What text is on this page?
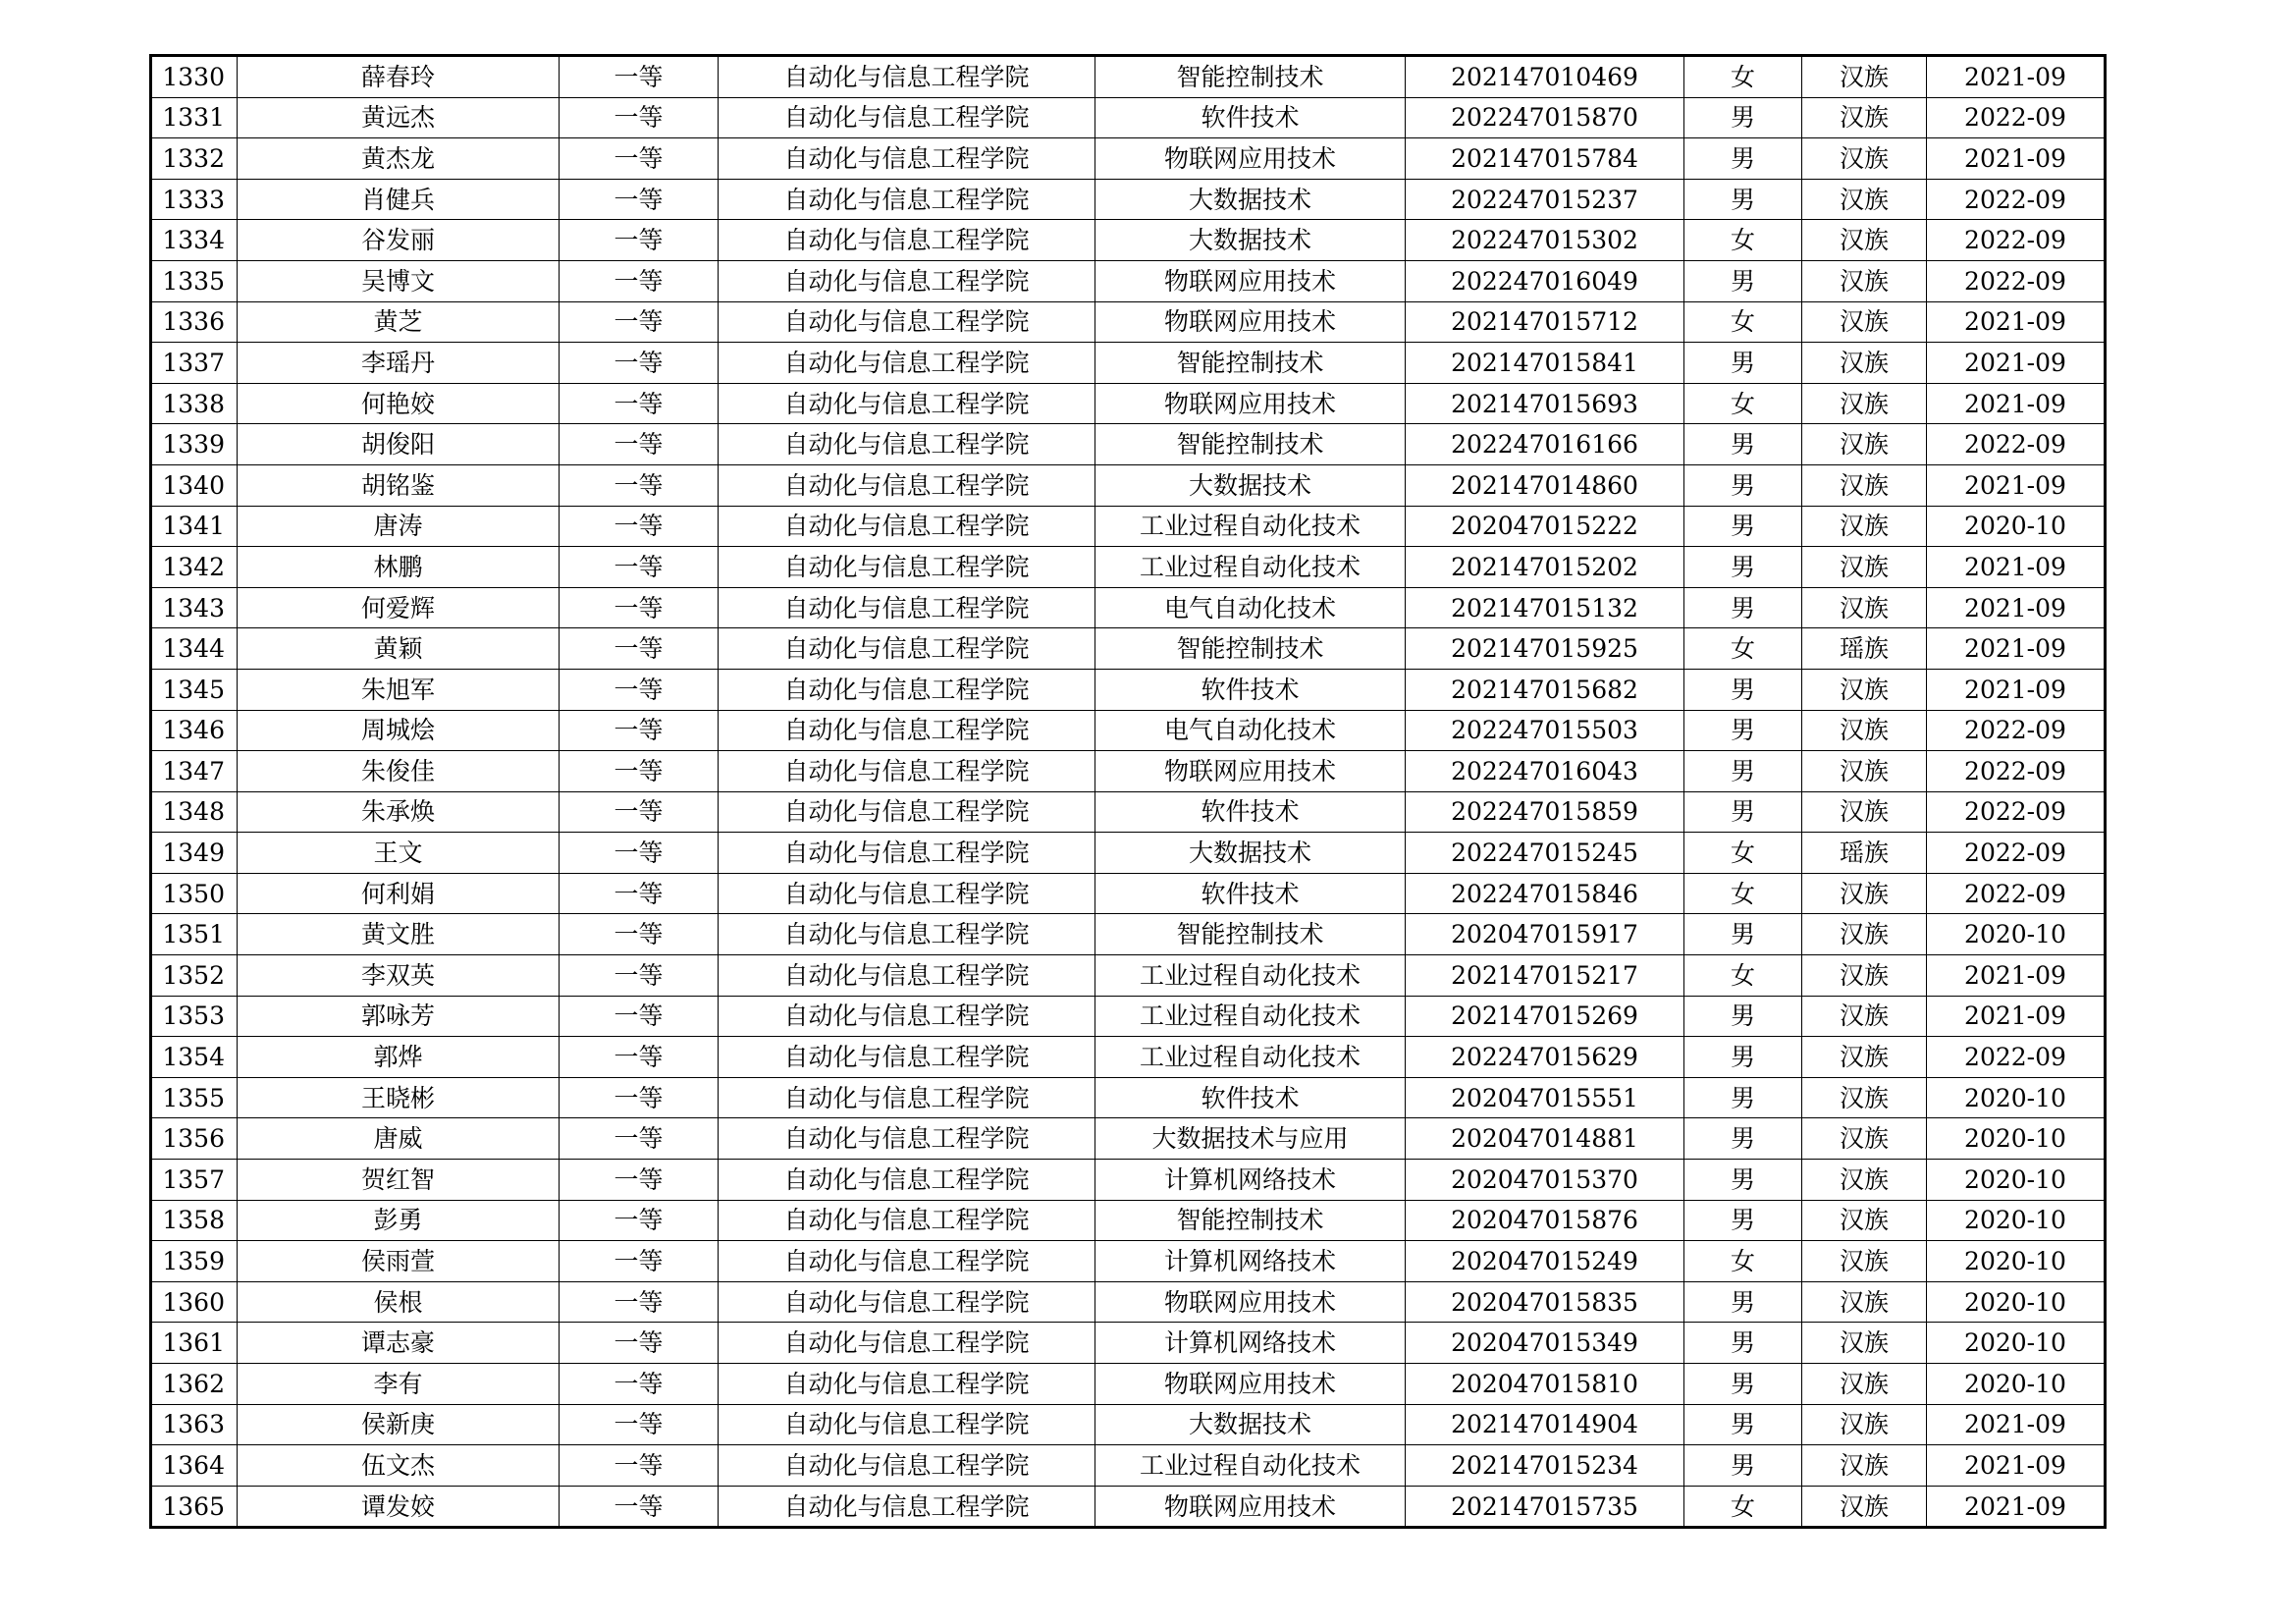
1330	薛春玲	一等	自动化与信息工程学院	智能控制技术	202147010469	女	汉族	2021-09
1331	黄远杰	一等	自动化与信息工程学院	软件技术	202247015870	男	汉族	2022-09
1332	黄杰龙	一等	自动化与信息工程学院	物联网应用技术	202147015784	男	汉族	2021-09
1333	肖健兵	一等	自动化与信息工程学院	大数据技术	202247015237	男	汉族	2022-09
1334	谷发丽	一等	自动化与信息工程学院	大数据技术	202247015302	女	汉族	2022-09
1335	吴博文	一等	自动化与信息工程学院	物联网应用技术	202247016049	男	汉族	2022-09
1336	黄芝	一等	自动化与信息工程学院	物联网应用技术	202147015712	女	汉族	2021-09
1337	李瑶丹	一等	自动化与信息工程学院	智能控制技术	202147015841	男	汉族	2021-09
1338	何艳姣	一等	自动化与信息工程学院	物联网应用技术	202147015693	女	汉族	2021-09
1339	胡俊阳	一等	自动化与信息工程学院	智能控制技术	202247016166	男	汉族	2022-09
1340	胡铭鉴	一等	自动化与信息工程学院	大数据技术	202147014860	男	汉族	2021-09
1341	唐涛	一等	自动化与信息工程学院	工业过程自动化技术	202047015222	男	汉族	2020-10
1342	林鹏	一等	自动化与信息工程学院	工业过程自动化技术	202147015202	男	汉族	2021-09
1343	何爱辉	一等	自动化与信息工程学院	电气自动化技术	202147015132	男	汉族	2021-09
1344	黄颖	一等	自动化与信息工程学院	智能控制技术	202147015925	女	瑶族	2021-09
1345	朱旭军	一等	自动化与信息工程学院	软件技术	202147015682	男	汉族	2021-09
1346	周城烩	一等	自动化与信息工程学院	电气自动化技术	202247015503	男	汉族	2022-09
1347	朱俊佳	一等	自动化与信息工程学院	物联网应用技术	202247016043	男	汉族	2022-09
1348	朱承焕	一等	自动化与信息工程学院	软件技术	202247015859	男	汉族	2022-09
1349	王文	一等	自动化与信息工程学院	大数据技术	202247015245	女	瑶族	2022-09
1350	何利娟	一等	自动化与信息工程学院	软件技术	202247015846	女	汉族	2022-09
1351	黄文胜	一等	自动化与信息工程学院	智能控制技术	202047015917	男	汉族	2020-10
1352	李双英	一等	自动化与信息工程学院	工业过程自动化技术	202147015217	女	汉族	2021-09
1353	郭咏芳	一等	自动化与信息工程学院	工业过程自动化技术	202147015269	男	汉族	2021-09
1354	郭烨	一等	自动化与信息工程学院	工业过程自动化技术	202247015629	男	汉族	2022-09
1355	王晓彬	一等	自动化与信息工程学院	软件技术	202047015551	男	汉族	2020-10
1356	唐威	一等	自动化与信息工程学院	大数据技术与应用	202047014881	男	汉族	2020-10
1357	贺红智	一等	自动化与信息工程学院	计算机网络技术	202047015370	男	汉族	2020-10
1358	彭勇	一等	自动化与信息工程学院	智能控制技术	202047015876	男	汉族	2020-10
1359	侯雨萱	一等	自动化与信息工程学院	计算机网络技术	202047015249	女	汉族	2020-10
1360	侯根	一等	自动化与信息工程学院	物联网应用技术	202047015835	男	汉族	2020-10
1361	谭志豪	一等	自动化与信息工程学院	计算机网络技术	202047015349	男	汉族	2020-10
1362	李有	一等	自动化与信息工程学院	物联网应用技术	202047015810	男	汉族	2020-10
1363	侯新庚	一等	自动化与信息工程学院	大数据技术	202147014904	男	汉族	2021-09
1364	伍文杰	一等	自动化与信息工程学院	工业过程自动化技术	202147015234	男	汉族	2021-09
1365	谭发姣	一等	自动化与信息工程学院	物联网应用技术	202147015735	女	汉族	2021-09
